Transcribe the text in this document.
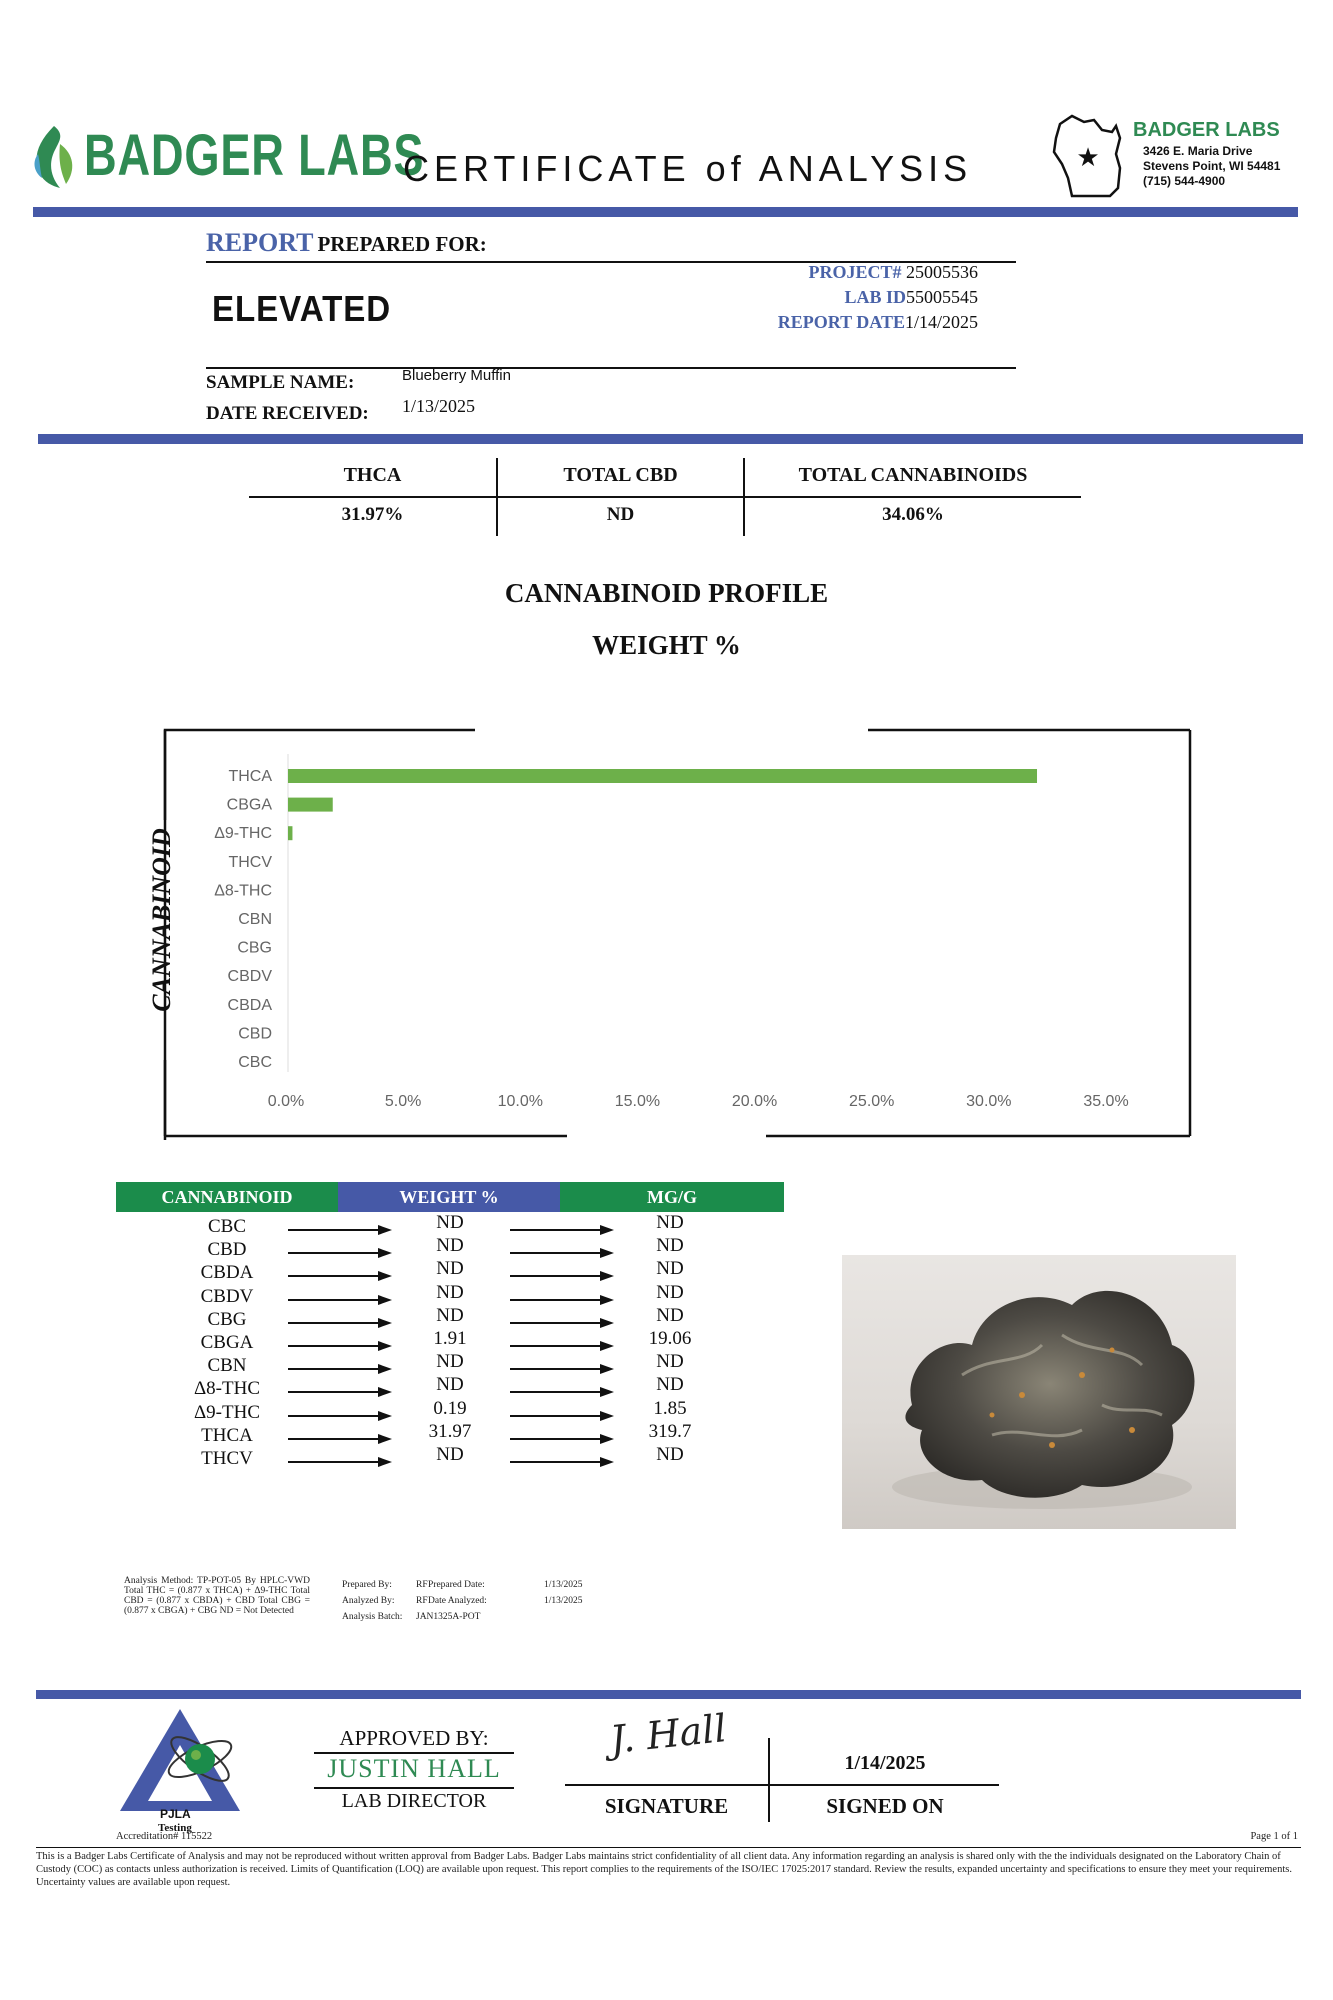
BADGER LABS
CERTIFICATE of ANALYSIS	★
BADGER LABS
3426 E. Maria Drive
Stevens Point, WI 54481
(715) 544-4900
REPORT PREPARED FOR:
ELEVATED
PROJECT# 25005536
LAB ID55005545
REPORT DATE1/14/2025
SAMPLE NAME:	Blueberry Muffin
DATE RECEIVED: 1/13/2025
THCA	TOTAL CBD	TOTAL CANNABINOIDS
31.97%	ND	34.06%
CANNABINOID PROFILE
WEIGHT %
THCA
CBGA
Δ9-THC
THCV
Δ8-THC
CBN
CBG
CBDV
CBDA
CBD
CBC
0.0%	5.0%	10.0%	15.0%	20.0%	25.0%	30.0%	35.0%
CANNABINOID
CANNABINOID	WEIGHT %	MG/G
CBC	ND	ND
CBD	ND	ND
CBDA	ND	ND
CBDV	ND	ND
CBG	ND	ND
CBGA	1.91	19.06
CBN	ND	ND
Δ8-THC	ND	ND
Δ9-THC	0.19	1.85
THCA	31.97	319.7
THCV	ND	ND
Analysis Method: TP-POT-05 By HPLC-VWD Total THC = (0.877 x THCA) + Δ9-THC Total CBD = (0.877 x CBDA) + CBD Total CBG = (0.877 x CBGA) + CBG ND = Not Detected
Prepared By:	RF Prepared Date:	1/13/2025
Analyzed By: RF Date Analyzed:	1/13/2025
Analysis Batch: JAN1325A-POT
PJLA
Testing
Accreditation# 115522
APPROVED BY:
JUSTIN HALL
LAB DIRECTOR
J. Hall
1/14/2025
SIGNATURE	SIGNED ON
Page 1 of 1
This is a Badger Labs Certificate of Analysis and may not be reproduced without written approval from Badger Labs. Badger Labs maintains strict confidentiality of all client data. Any information regarding an analysis is shared only with the the individuals designated on the Laboratory Chain of Custody (COC) as contacts unless authorization is received. Limits of Quantification (LOQ) are available upon request. This report complies to the requirements of the ISO/IEC 17025:2017 standard. Review the results, expanded uncertainty and specifications to ensure they meet your requirements. Uncertainty values are available upon request.
